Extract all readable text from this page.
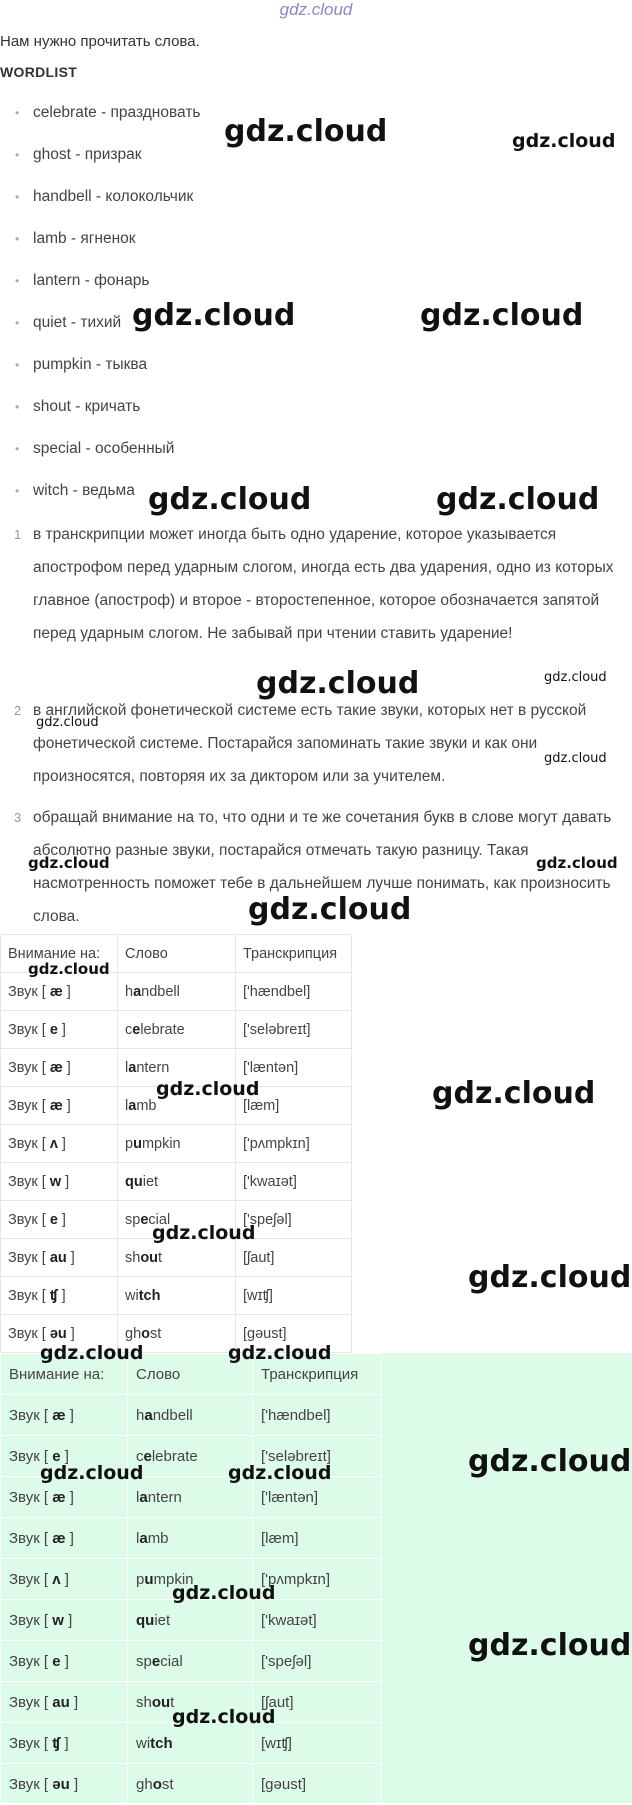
gdz.cloud
Нам нужно прочитать слова.
WORDLIST
• celebrate - праздновать
• ghost - призрак
• handbell - колокольчик
• lamb - ягненок
• lantern - фонарь
• quiet - тихий
• pumpkin - тыква
• shout - кричать
• special - особенный
• witch - ведьма
1 в транскрипции может иногда быть одно ударение, которое указывается апострофом перед ударным слогом, иногда есть два ударения, одно из которых главное (апостроф) и второе - второстепенное, которое обозначается запятой перед ударным слогом. Не забывай при чтении ставить ударение!
2 в английской фонетической системе есть такие звуки, которых нет в русской фонетической системе. Постарайся запоминать такие звуки и как они произносятся, повторяя их за диктором или за учителем.
3 обращай внимание на то, что одни и те же сочетания букв в слове могут давать абсолютно разные звуки, постарайся отмечать такую разницу. Такая насмотренность поможет тебе в дальнейшем лучше понимать, как произносить слова.
Внимание на:	Слово	Транскрипция
Звук [ æ ]	handbell	['hændbel]
Звук [ e ]	celebrate	['seləbreɪt]
Звук [ æ ]	lantern	['læntən]
Звук [ æ ]	lamb	[læm]
Звук [ ʌ ]	pumpkin	['pʌmpkɪn]
Звук [ w ]	quiet	['kwaɪət]
Звук [ e ]	special	['speʃəl]
Звук [ au ]	shout	[ʃaut]
Звук [ ʧ ]	witch	[wɪʧ]
Звук [ əu ]	ghost	[gəust]
Внимание на:	Слово	Транскрипция
Звук [ æ ]	handbell	['hændbel]
Звук [ e ]	celebrate	['seləbreɪt]
Звук [ æ ]	lantern	['læntən]
Звук [ æ ]	lamb	[læm]
Звук [ ʌ ]	pumpkin	['pʌmpkɪn]
Звук [ w ]	quiet	['kwaɪət]
Звук [ e ]	special	['speʃəl]
Звук [ au ]	shout	[ʃaut]
Звук [ ʧ ]	witch	[wɪʧ]
Звук [ əu ]	ghost	[gəust]
gdz.cloud	gdz.cloud
gdz.cloud	gdz.cloud
gdz.cloud	gdz.cloud
gdz.cloud	gdz.cloud
gdz.cloud
gdz.cloud
gdz.cloud	gdz.cloud
gdz.cloud
gdz.cloud
gdz.cloud	gdz.cloud
gdz.cloud
gdz.cloud
gdz.cloud	gdz.cloud
gdz.cloud	gdz.cloud	gdz.cloud
gdz.cloud
gdz.cloud
gdz.cloud
